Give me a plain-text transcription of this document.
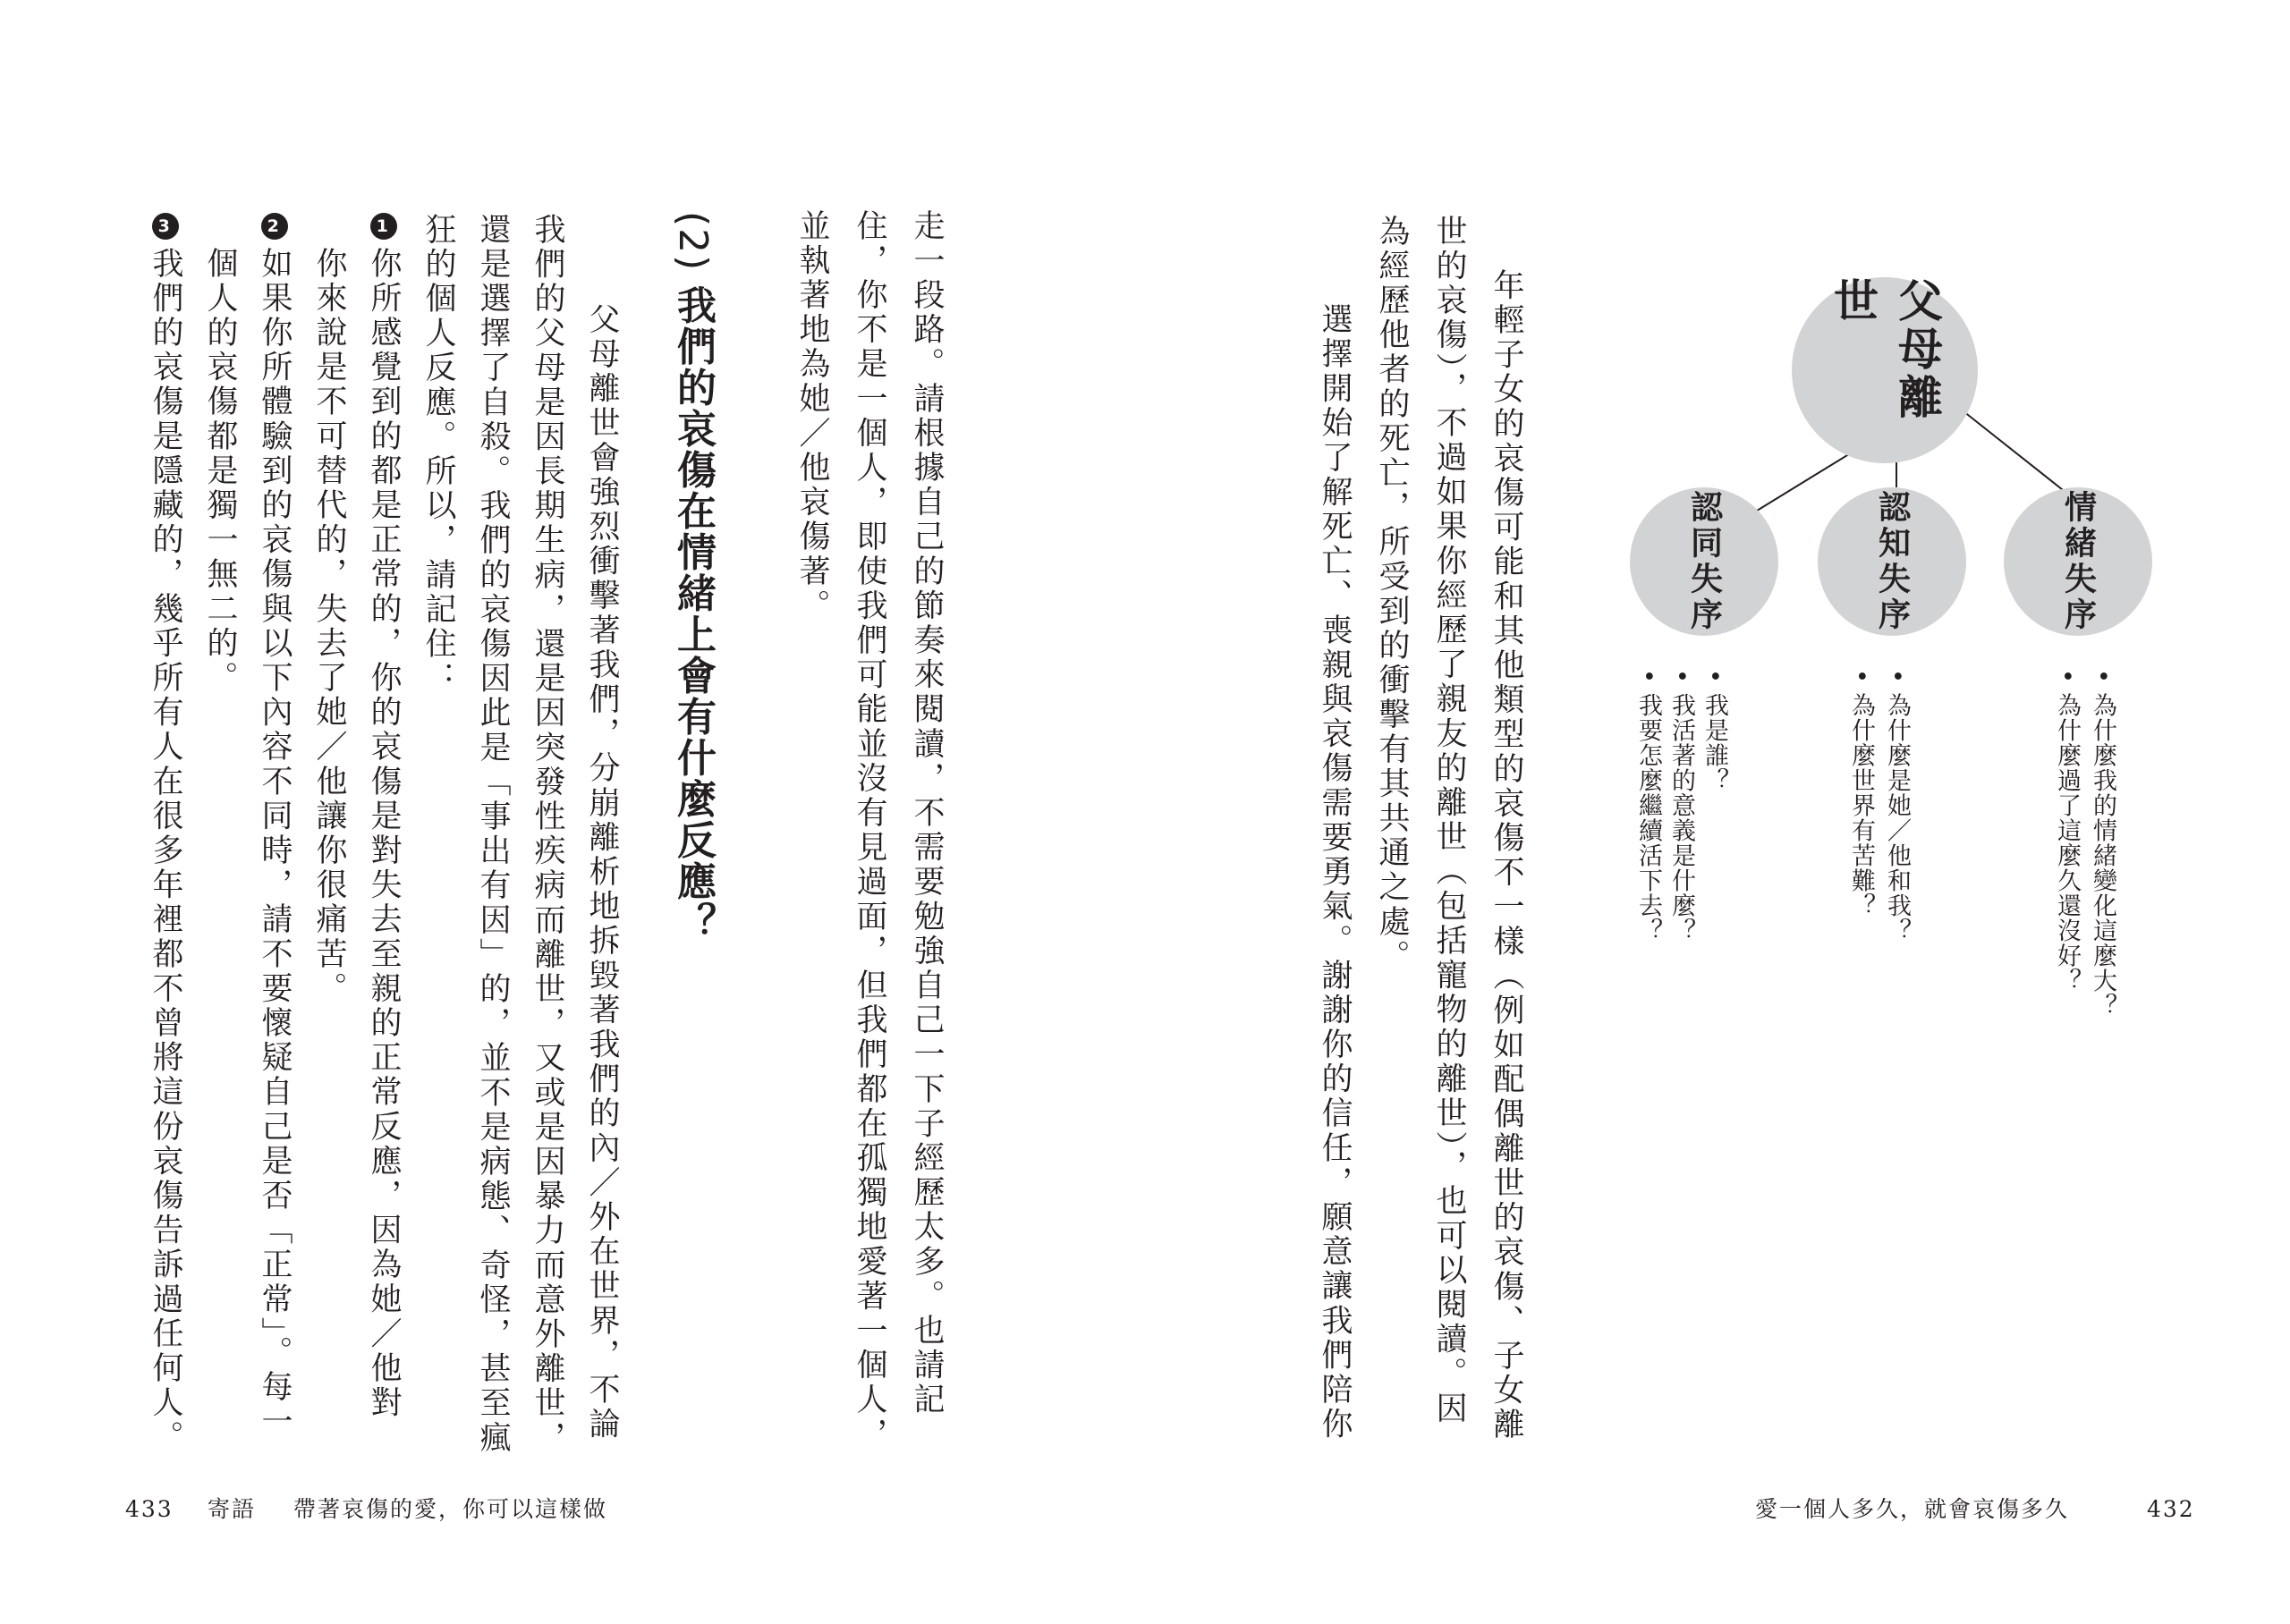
父母離世
情緒失序
認知失序
認同失序
• 為什麼我的情緒變化這麼大？
• 為什麼過了這麼久還沒好？
• 為什麼是她／他和我？
• 為什麼世界有苦難？
• 我是誰？
• 我活著的意義是什麼？
• 我要怎麼繼續活下去？
　年輕子女的哀傷可能和其他類型的哀傷不一樣（例如配偶離世的哀傷、子女離
世的哀傷），不過如果你經歷了親友的離世（包括寵物的離世），也可以閱讀。因
為經歷他者的死亡，所受到的衝擊有其共通之處。
　選擇開始了解死亡、喪親與哀傷需要勇氣。謝謝你的信任，願意讓我們陪你
愛一個人多久，就會哀傷多久	432
走一段路。請根據自己的節奏來閱讀，不需要勉強自己一下子經歷太多。也請記
住，你不是一個人，即使我們可能並沒有見過面，但我們都在孤獨地愛著一個人，
並執著地為她／他哀傷著。
(2)我們的哀傷在情緒上會有什麼反應？
　父母離世會強烈衝擊著我們，分崩離析地拆毀著我們的內／外在世界，不論
我們的父母是因長期生病，還是因突發性疾病而離世，又或是因暴力而意外離世，
還是選擇了自殺。我們的哀傷因此是「事出有因」的，並不是病態、奇怪，甚至瘋
狂的個人反應。所以，請記住：
1你所感覺到的都是正常的，你的哀傷是對失去至親的正常反應，因為她／他對
你來說是不可替代的，失去了她／他讓你很痛苦。
2如果你所體驗到的哀傷與以下內容不同時，請不要懷疑自己是否「正常」。每一
個人的哀傷都是獨一無二的。
3我們的哀傷是隱藏的，幾乎所有人在很多年裡都不曾將這份哀傷告訴過任何人。
433 寄語 帶著哀傷的愛，你可以這樣做
